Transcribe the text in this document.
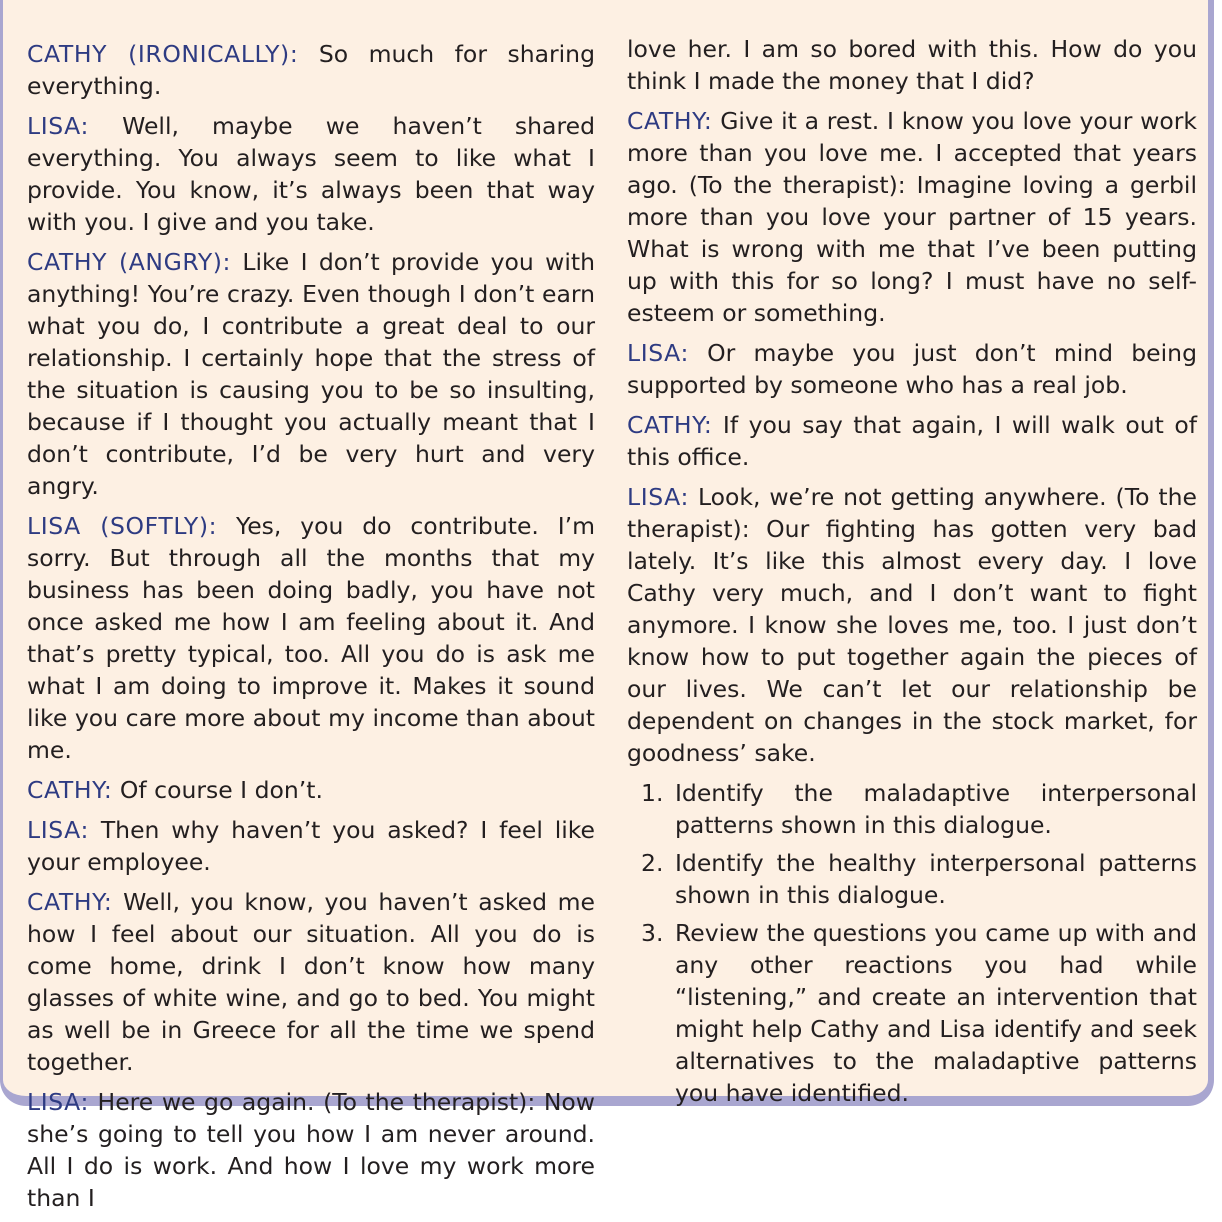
CATHY (IRONICALLY): So much for sharing everything.

LISA: Well, maybe we haven’t shared everything. You always seem to like what I provide. You know, it’s always been that way with you. I give and you take.

CATHY (ANGRY): Like I don’t provide you with anything! You’re crazy. Even though I don’t earn what you do, I contribute a great deal to our relationship. I certainly hope that the stress of the situation is causing you to be so insulting, because if I thought you actually meant that I don’t contribute, I’d be very hurt and very angry.

LISA (SOFTLY): Yes, you do contribute. I’m sorry. But through all the months that my business has been doing badly, you have not once asked me how I am feeling about it. And that’s pretty typical, too. All you do is ask me what I am doing to improve it. Makes it sound like you care more about my income than about me.

CATHY: Of course I don’t.

LISA: Then why haven’t you asked? I feel like your employee.

CATHY: Well, you know, you haven’t asked me how I feel about our situation. All you do is come home, drink I don’t know how many glasses of white wine, and go to bed. You might as well be in Greece for all the time we spend together.

LISA: Here we go again. (To the therapist): Now she’s going to tell you how I am never around. All I do is work. And how I love my work more than I

love her. I am so bored with this. How do you think I made the money that I did?

CATHY: Give it a rest. I know you love your work more than you love me. I accepted that years ago. (To the therapist): Imagine loving a gerbil more than you love your partner of 15 years. What is wrong with me that I’ve been putting up with this for so long? I must have no self-esteem or something.

LISA: Or maybe you just don’t mind being supported by someone who has a real job.

CATHY: If you say that again, I will walk out of this office.

LISA: Look, we’re not getting anywhere. (To the therapist): Our fighting has gotten very bad lately. It’s like this almost every day. I love Cathy very much, and I don’t want to fight anymore. I know she loves me, too. I just don’t know how to put together again the pieces of our lives. We can’t let our relationship be dependent on changes in the stock market, for goodness’ sake.

1. Identify the maladaptive interpersonal patterns shown in this dialogue.
2. Identify the healthy interpersonal patterns shown in this dialogue.
3. Review the questions you came up with and any other reactions you had while “listening,” and create an intervention that might help Cathy and Lisa identify and seek alternatives to the maladaptive patterns you have identified.
